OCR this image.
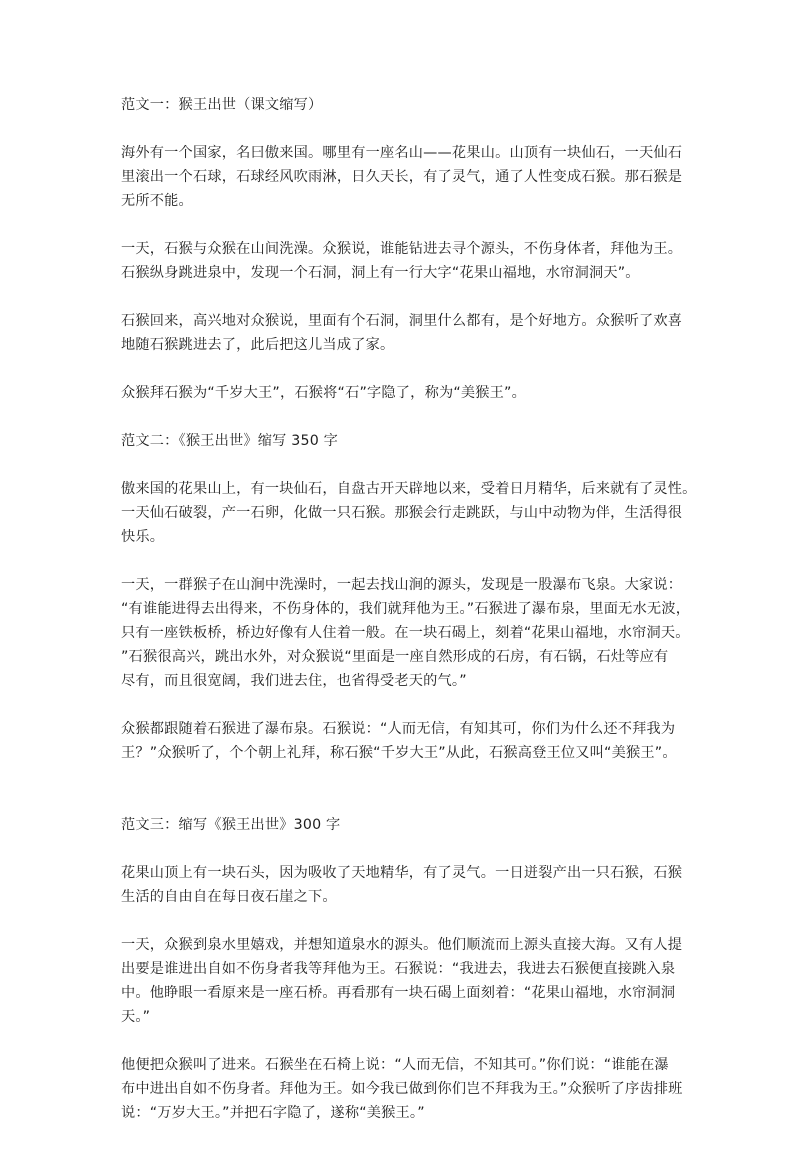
范文一：猴王出世（课文缩写）

海外有一个国家，名曰傲来国。哪里有一座名山——花果山。山顶有一块仙石，一天仙石
里滚出一个石球，石球经风吹雨淋，日久天长，有了灵气，通了人性变成石猴。那石猴是
无所不能。

一天，石猴与众猴在山间洗澡。众猴说，谁能钻进去寻个源头，不伤身体者，拜他为王。
石猴纵身跳进泉中，发现一个石洞，洞上有一行大字“花果山福地，水帘洞洞天”。

石猴回来，高兴地对众猴说，里面有个石洞，洞里什么都有，是个好地方。众猴听了欢喜
地随石猴跳进去了，此后把这儿当成了家。

众猴拜石猴为“千岁大王”，石猴将“石”字隐了，称为“美猴王”。

范文二：《猴王出世》缩写 350 字

傲来国的花果山上，有一块仙石，自盘古开天辟地以来，受着日月精华，后来就有了灵性。
一天仙石破裂，产一石卵，化做一只石猴。那猴会行走跳跃，与山中动物为伴，生活得很
快乐。

一天，一群猴子在山涧中洗澡时，一起去找山涧的源头，发现是一股瀑布飞泉。大家说：
“有谁能进得去出得来，不伤身体的，我们就拜他为王。”石猴进了瀑布泉，里面无水无波，
只有一座铁板桥，桥边好像有人住着一般。在一块石碣上，刻着“花果山福地，水帘洞天。
”石猴很高兴，跳出水外，对众猴说“里面是一座自然形成的石房，有石锅，石灶等应有
尽有，而且很宽阔，我们进去住，也省得受老天的气。”

众猴都跟随着石猴进了瀑布泉。石猴说：“人而无信，有知其可，你们为什么还不拜我为
王？”众猴听了，个个朝上礼拜，称石猴“千岁大王”从此，石猴高登王位又叫“美猴王”。

范文三：缩写《猴王出世》300 字

花果山顶上有一块石头，因为吸收了天地精华，有了灵气。一日迸裂产出一只石猴，石猴
生活的自由自在每日夜石崖之下。

一天，众猴到泉水里嬉戏，并想知道泉水的源头。他们顺流而上源头直接大海。又有人提
出要是谁进出自如不伤身者我等拜他为王。石猴说：“我进去，我进去石猴便直接跳入泉
中。他睁眼一看原来是一座石桥。再看那有一块石碣上面刻着：“花果山福地，水帘洞洞
天。”

他便把众猴叫了进来。石猴坐在石椅上说：“人而无信，不知其可。”你们说：“谁能在瀑
布中进出自如不伤身者。拜他为王。如今我已做到你们岂不拜我为王。”众猴听了序齿排班
说：“万岁大王。”并把石字隐了，遂称“美猴王。”
